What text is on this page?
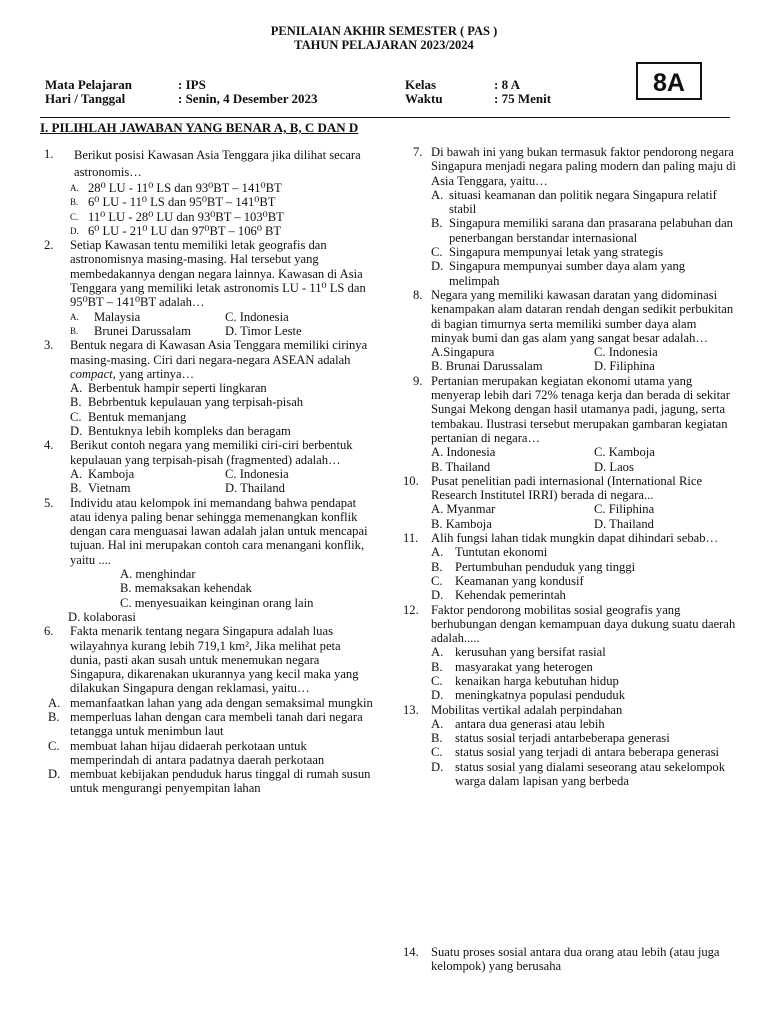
PENILAIAN AKHIR SEMESTER ( PAS )
TAHUN PELAJARAN 2023/2024
Mata Pelajaran	: IPS
Hari / Tanggal	: Senin, 4 Desember 2023
Kelas	: 8 A
Waktu	: 75 Menit
8A
I. PILIHLAH JAWABAN YANG BENAR A, B, C DAN D
1.	Berikut posisi Kawasan Asia Tenggara jika dilihat secara astronomis…
A. 28⁰ LU - 11⁰ LS dan 93⁰BT – 141⁰BT
B. 6⁰ LU - 11⁰ LS dan 95⁰BT – 141⁰BT
C. 11⁰ LU - 28⁰ LU dan 93⁰BT – 103⁰BT
D. 6⁰ LU - 21⁰ LU dan 97⁰BT – 106⁰ BT
2. Setiap Kawasan tentu memiliki letak geografis dan astronomisnya masing-masing. Hal tersebut yang membedakannya dengan negara lainnya. Kawasan di Asia Tenggara yang memiliki letak astronomis LU - 11⁰ LS dan 95⁰BT – 141⁰BT adalah…
A. Malaysia	C. Indonesia
B. Brunei Darussalam	D. Timor Leste
3. Bentuk negara di Kawasan Asia Tenggara memiliki cirinya masing-masing. Ciri dari negara-negara ASEAN adalah compact, yang artinya…
A. Berbentuk hampir seperti lingkaran
B. Bebrbentuk kepulauan yang terpisah-pisah
C. Bentuk memanjang
D. Bentuknya lebih kompleks dan beragam
4. Berikut contoh negara yang memiliki ciri-ciri berbentuk kepulauan yang terpisah-pisah (fragmented) adalah…
A. Kamboja	C. Indonesia
B. Vietnam	D. Thailand
5. Individu atau kelompok ini memandang bahwa pendapat atau idenya paling benar sehingga memenangkan konflik dengan cara menguasai lawan adalah jalan untuk mencapai tujuan. Hal ini merupakan contoh cara menangani konflik, yaitu ....
A. menghindar
B. memaksakan kehendak
C. menyesuaikan keinginan orang lain
D. kolaborasi
6. Fakta menarik tentang negara Singapura adalah luas wilayahnya kurang lebih 719,1 km², Jika melihat peta dunia, pasti akan susah untuk menemukan negara Singapura, dikarenakan ukurannya yang kecil maka yang dilakukan Singapura dengan reklamasi, yaitu…
A. memanfaatkan lahan yang ada dengan semaksimal mungkin
B. memperluas lahan dengan cara membeli tanah dari negara tetangga untuk menimbun laut
C. membuat lahan hijau didaerah perkotaan untuk memperindah di antara padatnya daerah perkotaan
D. membuat kebijakan penduduk harus tinggal di rumah susun untuk mengurangi penyempitan lahan
7. Di bawah ini yang bukan termasuk faktor pendorong negara Singapura menjadi negara paling modern dan paling maju di Asia Tenggara, yaitu…
A. situasi keamanan dan politik negara Singapura relatif stabil
B. Singapura memiliki sarana dan prasarana pelabuhan dan penerbangan berstandar internasional
C. Singapura mempunyai letak yang strategis
D. Singapura mempunyai sumber daya alam yang melimpah
8. Negara yang memiliki kawasan daratan yang didominasi kenampakan alam dataran rendah dengan sedikit perbukitan di bagian timurnya serta memiliki sumber daya alam minyak bumi dan gas alam yang sangat besar adalah…
A.Singapura	C. Indonesia
B. Brunai Darussalam	D. Filiphina
9. Pertanian merupakan kegiatan ekonomi utama yang menyerap lebih dari 72% tenaga kerja dan berada di sekitar Sungai Mekong dengan hasil utamanya padi, jagung, serta tembakau. Ilustrasi tersebut merupakan gambaran kegiatan pertanian di negara…
A. Indonesia	C. Kamboja
B. Thailand	D. Laos
10. Pusat penelitian padi internasional (International Rice Research Institutel IRRI) berada di negara...
A. Myanmar	C. Filiphina
B. Kamboja	D. Thailand
11. Alih fungsi lahan tidak mungkin dapat dihindari sebab…
A. Tuntutan ekonomi
B. Pertumbuhan penduduk yang tinggi
C. Keamanan yang kondusif
D. Kehendak pemerintah
12. Faktor pendorong mobilitas sosial geografis yang berhubungan dengan kemampuan daya dukung suatu daerah adalah.....
A. kerusuhan yang bersifat rasial
B. masyarakat yang heterogen
C. kenaikan harga kebutuhan hidup
D. meningkatnya populasi penduduk
13. Mobilitas vertikal adalah perpindahan
A. antara dua generasi atau lebih
B. status sosial terjadi antarbeberapa generasi
C. status sosial yang terjadi di antara beberapa generasi
D. status sosial yang dialami seseorang atau sekelompok warga dalam lapisan yang berbeda
14. Suatu proses sosial antara dua orang atau lebih (atau juga kelompok) yang berusaha
